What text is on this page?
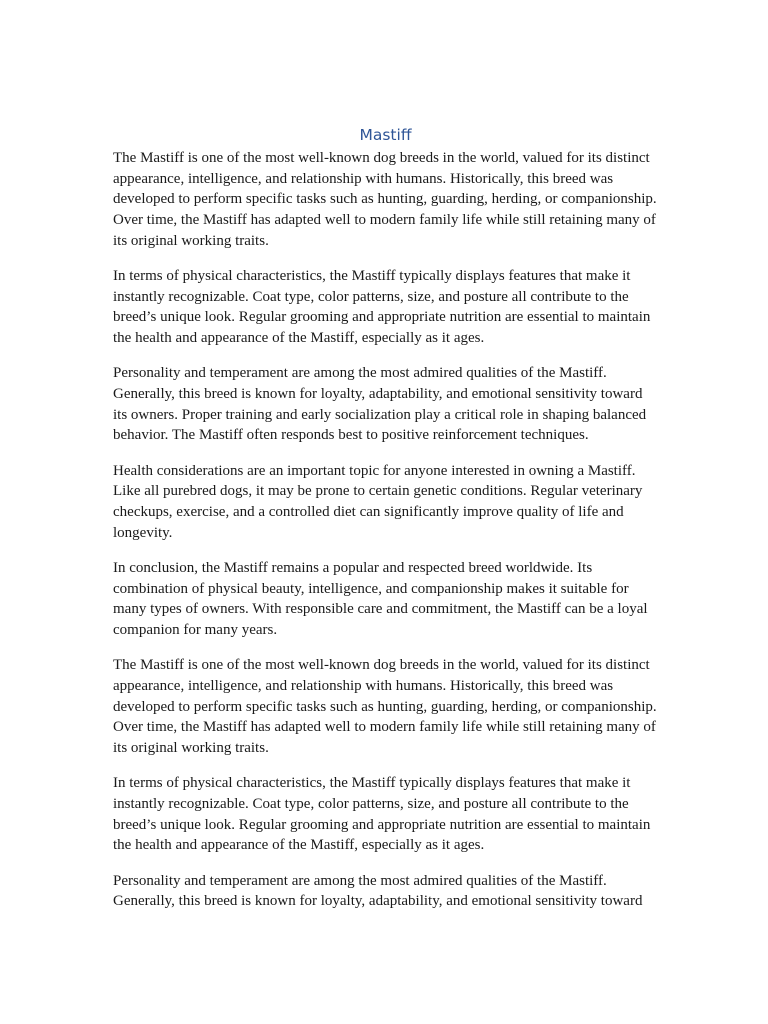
Mastiff

The Mastiff is one of the most well-known dog breeds in the world, valued for its distinct appearance, intelligence, and relationship with humans. Historically, this breed was developed to perform specific tasks such as hunting, guarding, herding, or companionship. Over time, the Mastiff has adapted well to modern family life while still retaining many of its original working traits.

In terms of physical characteristics, the Mastiff typically displays features that make it instantly recognizable. Coat type, color patterns, size, and posture all contribute to the breed’s unique look. Regular grooming and appropriate nutrition are essential to maintain the health and appearance of the Mastiff, especially as it ages.

Personality and temperament are among the most admired qualities of the Mastiff. Generally, this breed is known for loyalty, adaptability, and emotional sensitivity toward its owners. Proper training and early socialization play a critical role in shaping balanced behavior. The Mastiff often responds best to positive reinforcement techniques.

Health considerations are an important topic for anyone interested in owning a Mastiff. Like all purebred dogs, it may be prone to certain genetic conditions. Regular veterinary checkups, exercise, and a controlled diet can significantly improve quality of life and longevity.

In conclusion, the Mastiff remains a popular and respected breed worldwide. Its combination of physical beauty, intelligence, and companionship makes it suitable for many types of owners. With responsible care and commitment, the Mastiff can be a loyal companion for many years.

The Mastiff is one of the most well-known dog breeds in the world, valued for its distinct appearance, intelligence, and relationship with humans. Historically, this breed was developed to perform specific tasks such as hunting, guarding, herding, or companionship. Over time, the Mastiff has adapted well to modern family life while still retaining many of its original working traits.

In terms of physical characteristics, the Mastiff typically displays features that make it instantly recognizable. Coat type, color patterns, size, and posture all contribute to the breed’s unique look. Regular grooming and appropriate nutrition are essential to maintain the health and appearance of the Mastiff, especially as it ages.

Personality and temperament are among the most admired qualities of the Mastiff. Generally, this breed is known for loyalty, adaptability, and emotional sensitivity toward
